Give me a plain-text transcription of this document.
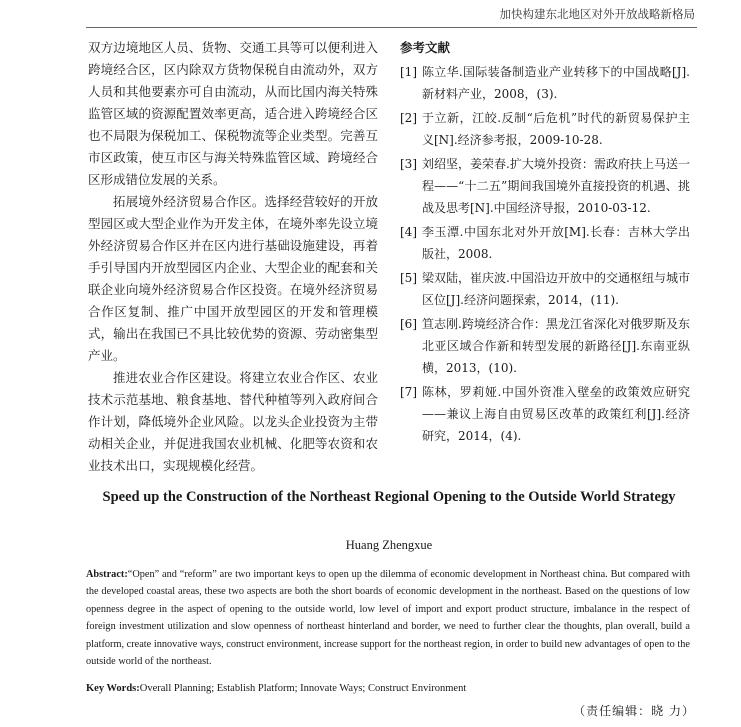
加快构建东北地区对外开放战略新格局

双方边境地区人员、货物、交通工具等可以便利进入跨境经合区，区内除双方货物保税自由流动外，双方人员和其他要素亦可自由流动，从而比国内海关特殊监管区域的资源配置效率更高，适合进入跨境经合区也不局限为保税加工、保税物流等企业类型。完善互市区政策，使互市区与海关特殊监管区域、跨境经合区形成错位发展的关系。

拓展境外经济贸易合作区。选择经营较好的开放型园区或大型企业作为开发主体，在境外率先设立境外经济贸易合作区并在区内进行基础设施建设，再着手引导国内开放型园区内企业、大型企业的配套和关联企业向境外经济贸易合作区投资。在境外经济贸易合作区复制、推广中国开放型园区的开发和管理模式，输出在我国已不具比较优势的资源、劳动密集型产业。

推进农业合作区建设。将建立农业合作区、农业技术示范基地、粮食基地、替代种植等列入政府间合作计划，降低境外企业风险。以龙头企业投资为主带动相关企业，并促进我国农业机械、化肥等农资和农业技术出口，实现规模化经营。

参考文献
[1] 陈立华.国际装备制造业产业转移下的中国战略[J].新材料产业，2008，(3).
[2] 于立新，江皎.反制“后危机”时代的新贸易保护主义[N].经济参考报，2009-10-28.
[3] 刘绍坚，姜荣春.扩大境外投资：需政府扶上马送一程——“十二五”期间我国境外直接投资的机遇、挑战及思考[N].中国经济导报，2010-03-12.
[4] 李玉潭.中国东北对外开放[M].长春：吉林大学出版社，2008.
[5] 梁双陆，崔庆波.中国沿边开放中的交通枢纽与城市区位[J].经济问题探索，2014，(11).
[6] 笪志刚.跨境经济合作：黑龙江省深化对俄罗斯及东北亚区域合作新和转型发展的新路径[J].东南亚纵横，2013，(10).
[7] 陈林，罗莉娅.中国外资准入壁垒的政策效应研究——兼议上海自由贸易区改革的政策红利[J].经济研究，2014，(4).
Speed up the Construction of the Northeast Regional Opening to the Outside World Strategy
Huang Zhengxue
Abstract:“Open” and “reform” are two important keys to open up the dilemma of economic development in Northeast china. But compared with the developed coastal areas, these two aspects are both the short boards of economic development in the northeast. Based on the questions of low openness degree in the aspect of opening to the outside world, low level of import and export product structure, imbalance in the respect of foreign investment utilization and slow openness of northeast hinterland and border, we need to further clear the thoughts, plan overall, build a platform, create innovative ways, construct environment, increase support for the northeast region, in order to build new advantages of open to the outside world of the northeast.
Key Words:Overall Planning; Establish Platform; Innovate Ways; Construct Environment
（责任编辑：晓 力）
